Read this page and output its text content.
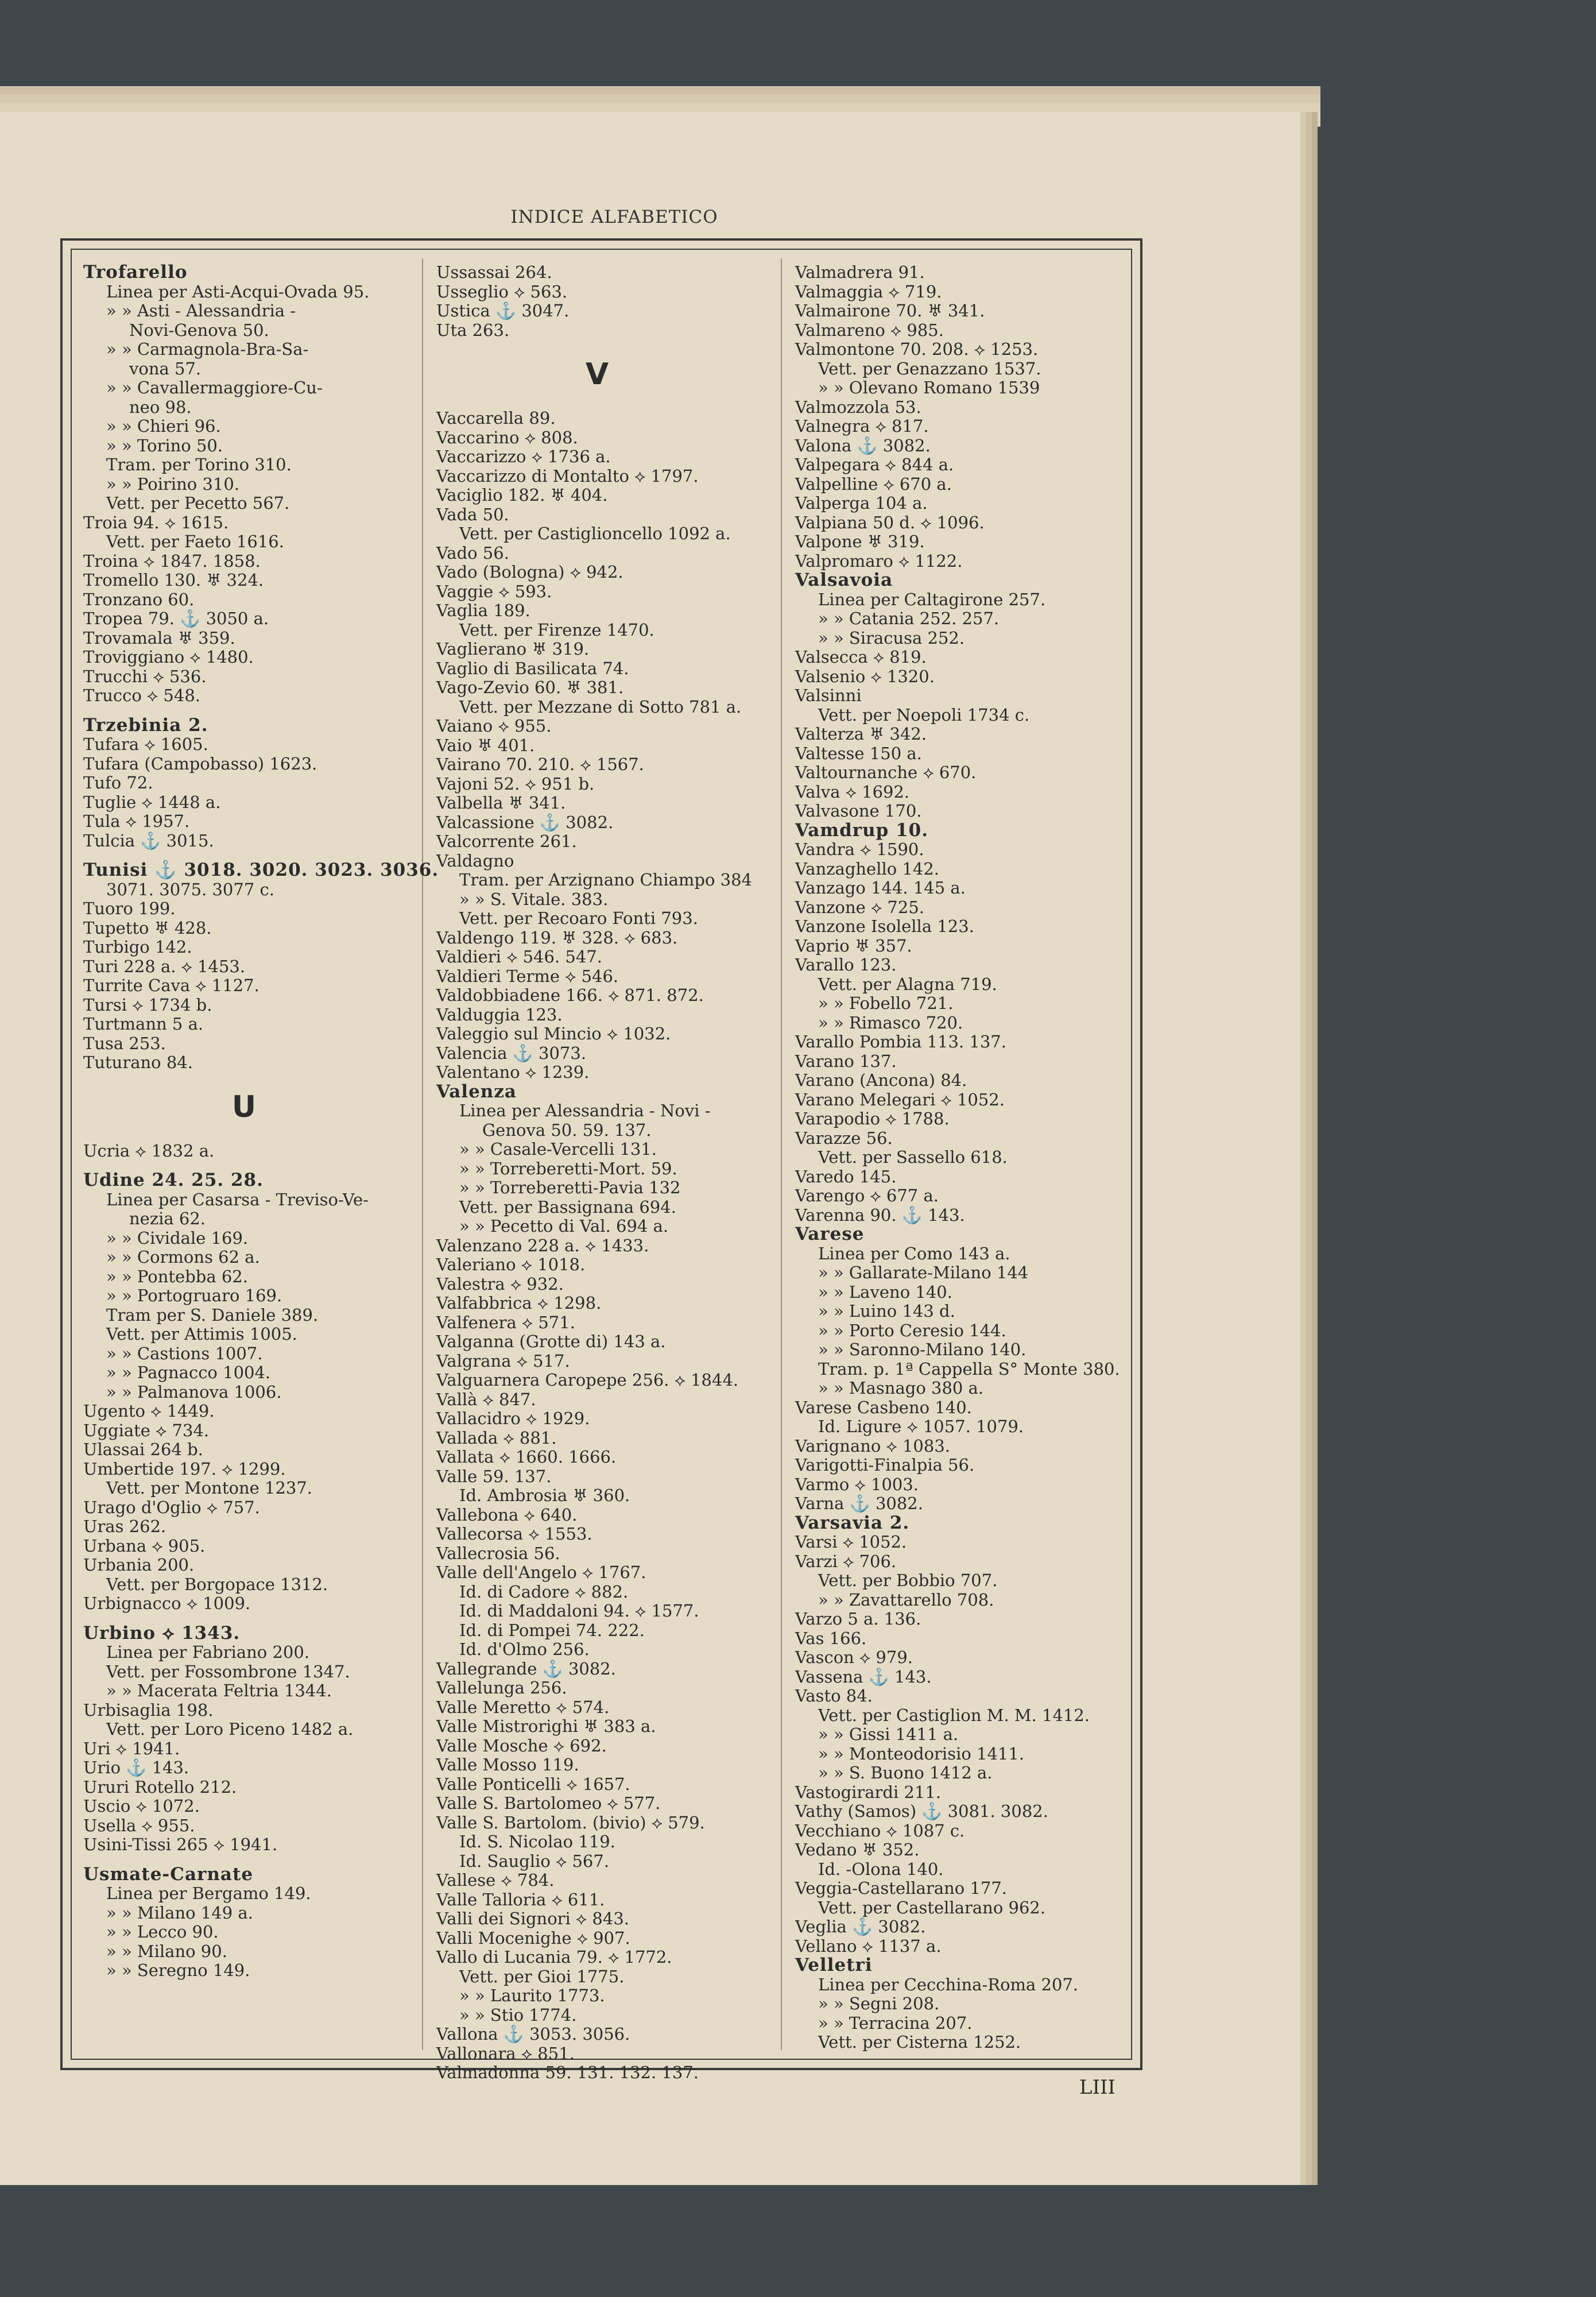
INDICE ALFABETICO
Trofarello
Linea per Asti-Acqui-Ovada 95.
» » Asti - Alessandria -
Novi-Genova 50.
» » Carmagnola-Bra-Sa-
vona 57.
» » Cavallermaggiore-Cu-
neo 98.
» » Chieri 96.
» » Torino 50.
Tram. per Torino 310.
» » Poirino 310.
Vett. per Pecetto 567.
Troia 94. ⟡ 1615.
Vett. per Faeto 1616.
Troina ⟡ 1847. 1858.
Tromello 130. ♅ 324.
Tronzano 60.
Tropea 79. ⚓ 3050 a.
Trovamala ♅ 359.
Troviggiano ⟡ 1480.
Trucchi ⟡ 536.
Trucco ⟡ 548.
Trzebinia 2.
Tufara ⟡ 1605.
Tufara (Campobasso) 1623.
Tufo 72.
Tuglie ⟡ 1448 a.
Tula ⟡ 1957.
Tulcia ⚓ 3015.
Tunisi ⚓ 3018. 3020. 3023. 3036.
3071. 3075. 3077 c.
Tuoro 199.
Tupetto ♅ 428.
Turbigo 142.
Turi 228 a. ⟡ 1453.
Turrite Cava ⟡ 1127.
Tursi ⟡ 1734 b.
Turtmann 5 a.
Tusa 253.
Tuturano 84.
U
Ucria ⟡ 1832 a.
Udine 24. 25. 28.
Linea per Casarsa - Treviso-Ve-
nezia 62.
» » Cividale 169.
» » Cormons 62 a.
» » Pontebba 62.
» » Portogruaro 169.
Tram per S. Daniele 389.
Vett. per Attimis 1005.
» » Castions 1007.
» » Pagnacco 1004.
» » Palmanova 1006.
Ugento ⟡ 1449.
Uggiate ⟡ 734.
Ulassai 264 b.
Umbertide 197. ⟡ 1299.
Vett. per Montone 1237.
Urago d'Oglio ⟡ 757.
Uras 262.
Urbana ⟡ 905.
Urbania 200.
Vett. per Borgopace 1312.
Urbignacco ⟡ 1009.
Urbino ⟡ 1343.
Linea per Fabriano 200.
Vett. per Fossombrone 1347.
» » Macerata Feltria 1344.
Urbisaglia 198.
Vett. per Loro Piceno 1482 a.
Uri ⟡ 1941.
Urio ⚓ 143.
Ururi Rotello 212.
Uscio ⟡ 1072.
Usella ⟡ 955.
Usini-Tissi 265 ⟡ 1941.
Usmate-Carnate
Linea per Bergamo 149.
» » Milano 149 a.
» » Lecco 90.
» » Milano 90.
» » Seregno 149.
Ussassai 264.
Usseglio ⟡ 563.
Ustica ⚓ 3047.
Uta 263.
V
Vaccarella 89.
Vaccarino ⟡ 808.
Vaccarizzo ⟡ 1736 a.
Vaccarizzo di Montalto ⟡ 1797.
Vaciglio 182. ♅ 404.
Vada 50.
Vett. per Castiglioncello 1092 a.
Vado 56.
Vado (Bologna) ⟡ 942.
Vaggie ⟡ 593.
Vaglia 189.
Vett. per Firenze 1470.
Vaglierano ♅ 319.
Vaglio di Basilicata 74.
Vago-Zevio 60. ♅ 381.
Vett. per Mezzane di Sotto 781 a.
Vaiano ⟡ 955.
Vaio ♅ 401.
Vairano 70. 210. ⟡ 1567.
Vajoni 52. ⟡ 951 b.
Valbella ♅ 341.
Valcassione ⚓ 3082.
Valcorrente 261.
Valdagno
Tram. per Arzignano Chiampo 384
» » S. Vitale. 383.
Vett. per Recoaro Fonti 793.
Valdengo 119. ♅ 328. ⟡ 683.
Valdieri ⟡ 546. 547.
Valdieri Terme ⟡ 546.
Valdobbiadene 166. ⟡ 871. 872.
Valduggia 123.
Valeggio sul Mincio ⟡ 1032.
Valencia ⚓ 3073.
Valentano ⟡ 1239.
Valenza
Linea per Alessandria - Novi -
Genova 50. 59. 137.
» » Casale-Vercelli 131.
» » Torreberetti-Mort. 59.
» » Torreberetti-Pavia 132
Vett. per Bassignana 694.
» » Pecetto di Val. 694 a.
Valenzano 228 a. ⟡ 1433.
Valeriano ⟡ 1018.
Valestra ⟡ 932.
Valfabbrica ⟡ 1298.
Valfenera ⟡ 571.
Valganna (Grotte di) 143 a.
Valgrana ⟡ 517.
Valguarnera Caropepe 256. ⟡ 1844.
Vallà ⟡ 847.
Vallacidro ⟡ 1929.
Vallada ⟡ 881.
Vallata ⟡ 1660. 1666.
Valle 59. 137.
Id. Ambrosia ♅ 360.
Vallebona ⟡ 640.
Vallecorsa ⟡ 1553.
Vallecrosia 56.
Valle dell'Angelo ⟡ 1767.
Id. di Cadore ⟡ 882.
Id. di Maddaloni 94. ⟡ 1577.
Id. di Pompei 74. 222.
Id. d'Olmo 256.
Vallegrande ⚓ 3082.
Vallelunga 256.
Valle Meretto ⟡ 574.
Valle Mistrorighi ♅ 383 a.
Valle Mosche ⟡ 692.
Valle Mosso 119.
Valle Ponticelli ⟡ 1657.
Valle S. Bartolomeo ⟡ 577.
Valle S. Bartolom. (bivio) ⟡ 579.
Id. S. Nicolao 119.
Id. Sauglio ⟡ 567.
Vallese ⟡ 784.
Valle Talloria ⟡ 611.
Valli dei Signori ⟡ 843.
Valli Mocenighe ⟡ 907.
Vallo di Lucania 79. ⟡ 1772.
Vett. per Gioi 1775.
» » Laurito 1773.
» » Stio 1774.
Vallona ⚓ 3053. 3056.
Vallonara ⟡ 851.
Valmadonna 59. 131. 132. 137.
Valmadrera 91.
Valmaggia ⟡ 719.
Valmairone 70. ♅ 341.
Valmareno ⟡ 985.
Valmontone 70. 208. ⟡ 1253.
Vett. per Genazzano 1537.
» » Olevano Romano 1539
Valmozzola 53.
Valnegra ⟡ 817.
Valona ⚓ 3082.
Valpegara ⟡ 844 a.
Valpelline ⟡ 670 a.
Valperga 104 a.
Valpiana 50 d. ⟡ 1096.
Valpone ♅ 319.
Valpromaro ⟡ 1122.
Valsavoia
Linea per Caltagirone 257.
» » Catania 252. 257.
» » Siracusa 252.
Valsecca ⟡ 819.
Valsenio ⟡ 1320.
Valsinni
Vett. per Noepoli 1734 c.
Valterza ♅ 342.
Valtesse 150 a.
Valtournanche ⟡ 670.
Valva ⟡ 1692.
Valvasone 170.
Vamdrup 10.
Vandra ⟡ 1590.
Vanzaghello 142.
Vanzago 144. 145 a.
Vanzone ⟡ 725.
Vanzone Isolella 123.
Vaprio ♅ 357.
Varallo 123.
Vett. per Alagna 719.
» » Fobello 721.
» » Rimasco 720.
Varallo Pombia 113. 137.
Varano 137.
Varano (Ancona) 84.
Varano Melegari ⟡ 1052.
Varapodio ⟡ 1788.
Varazze 56.
Vett. per Sassello 618.
Varedo 145.
Varengo ⟡ 677 a.
Varenna 90. ⚓ 143.
Varese
Linea per Como 143 a.
» » Gallarate-Milano 144
» » Laveno 140.
» » Luino 143 d.
» » Porto Ceresio 144.
» » Saronno-Milano 140.
Tram. p. 1ª Cappella S° Monte 380.
» » Masnago 380 a.
Varese Casbeno 140.
Id. Ligure ⟡ 1057. 1079.
Varignano ⟡ 1083.
Varigotti-Finalpia 56.
Varmo ⟡ 1003.
Varna ⚓ 3082.
Varsavia 2.
Varsi ⟡ 1052.
Varzi ⟡ 706.
Vett. per Bobbio 707.
» » Zavattarello 708.
Varzo 5 a. 136.
Vas 166.
Vascon ⟡ 979.
Vassena ⚓ 143.
Vasto 84.
Vett. per Castiglion M. M. 1412.
» » Gissi 1411 a.
» » Monteodorisio 1411.
» » S. Buono 1412 a.
Vastogirardi 211.
Vathy (Samos) ⚓ 3081. 3082.
Vecchiano ⟡ 1087 c.
Vedano ♅ 352.
Id. -Olona 140.
Veggia-Castellarano 177.
Vett. per Castellarano 962.
Veglia ⚓ 3082.
Vellano ⟡ 1137 a.
Velletri
Linea per Cecchina-Roma 207.
» » Segni 208.
» » Terracina 207.
Vett. per Cisterna 1252.
LIII
